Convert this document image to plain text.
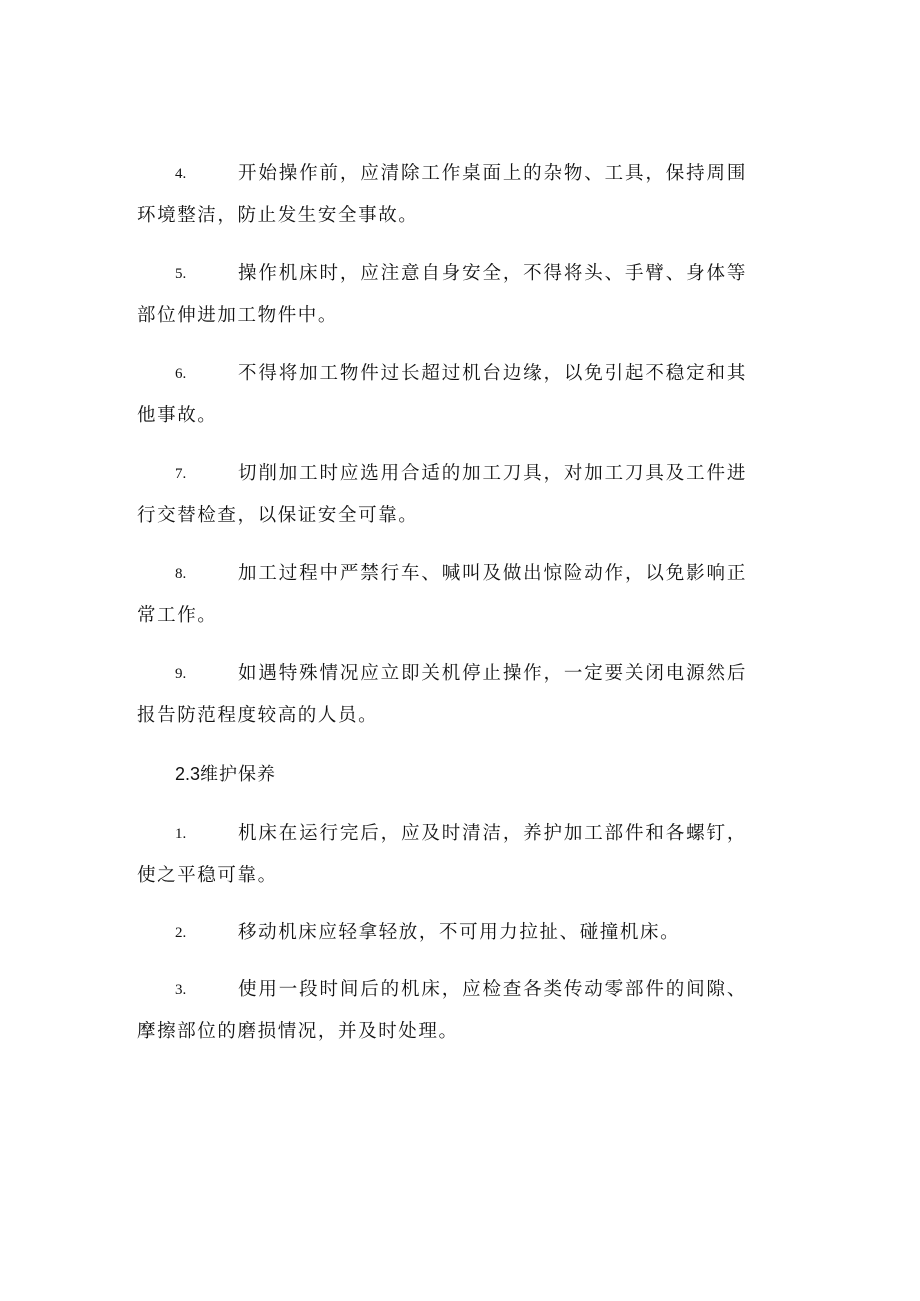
4.	开始操作前，应清除工作桌面上的杂物、工具，保持周围环境整洁，防止发生安全事故。
5.	操作机床时，应注意自身安全，不得将头、手臂、身体等部位伸进加工物件中。
6.	不得将加工物件过长超过机台边缘，以免引起不稳定和其他事故。
7.	切削加工时应选用合适的加工刀具，对加工刀具及工件进行交替检查，以保证安全可靠。
8.	加工过程中严禁行车、喊叫及做出惊险动作，以免影响正常工作。
9.	如遇特殊情况应立即关机停止操作，一定要关闭电源然后报告防范程度较高的人员。
2.3维护保养
1.	机床在运行完后，应及时清洁，养护加工部件和各螺钉，使之平稳可靠。
2.	移动机床应轻拿轻放，不可用力拉扯、碰撞机床。
3.	使用一段时间后的机床，应检查各类传动零部件的间隙、摩擦部位的磨损情况，并及时处理。
